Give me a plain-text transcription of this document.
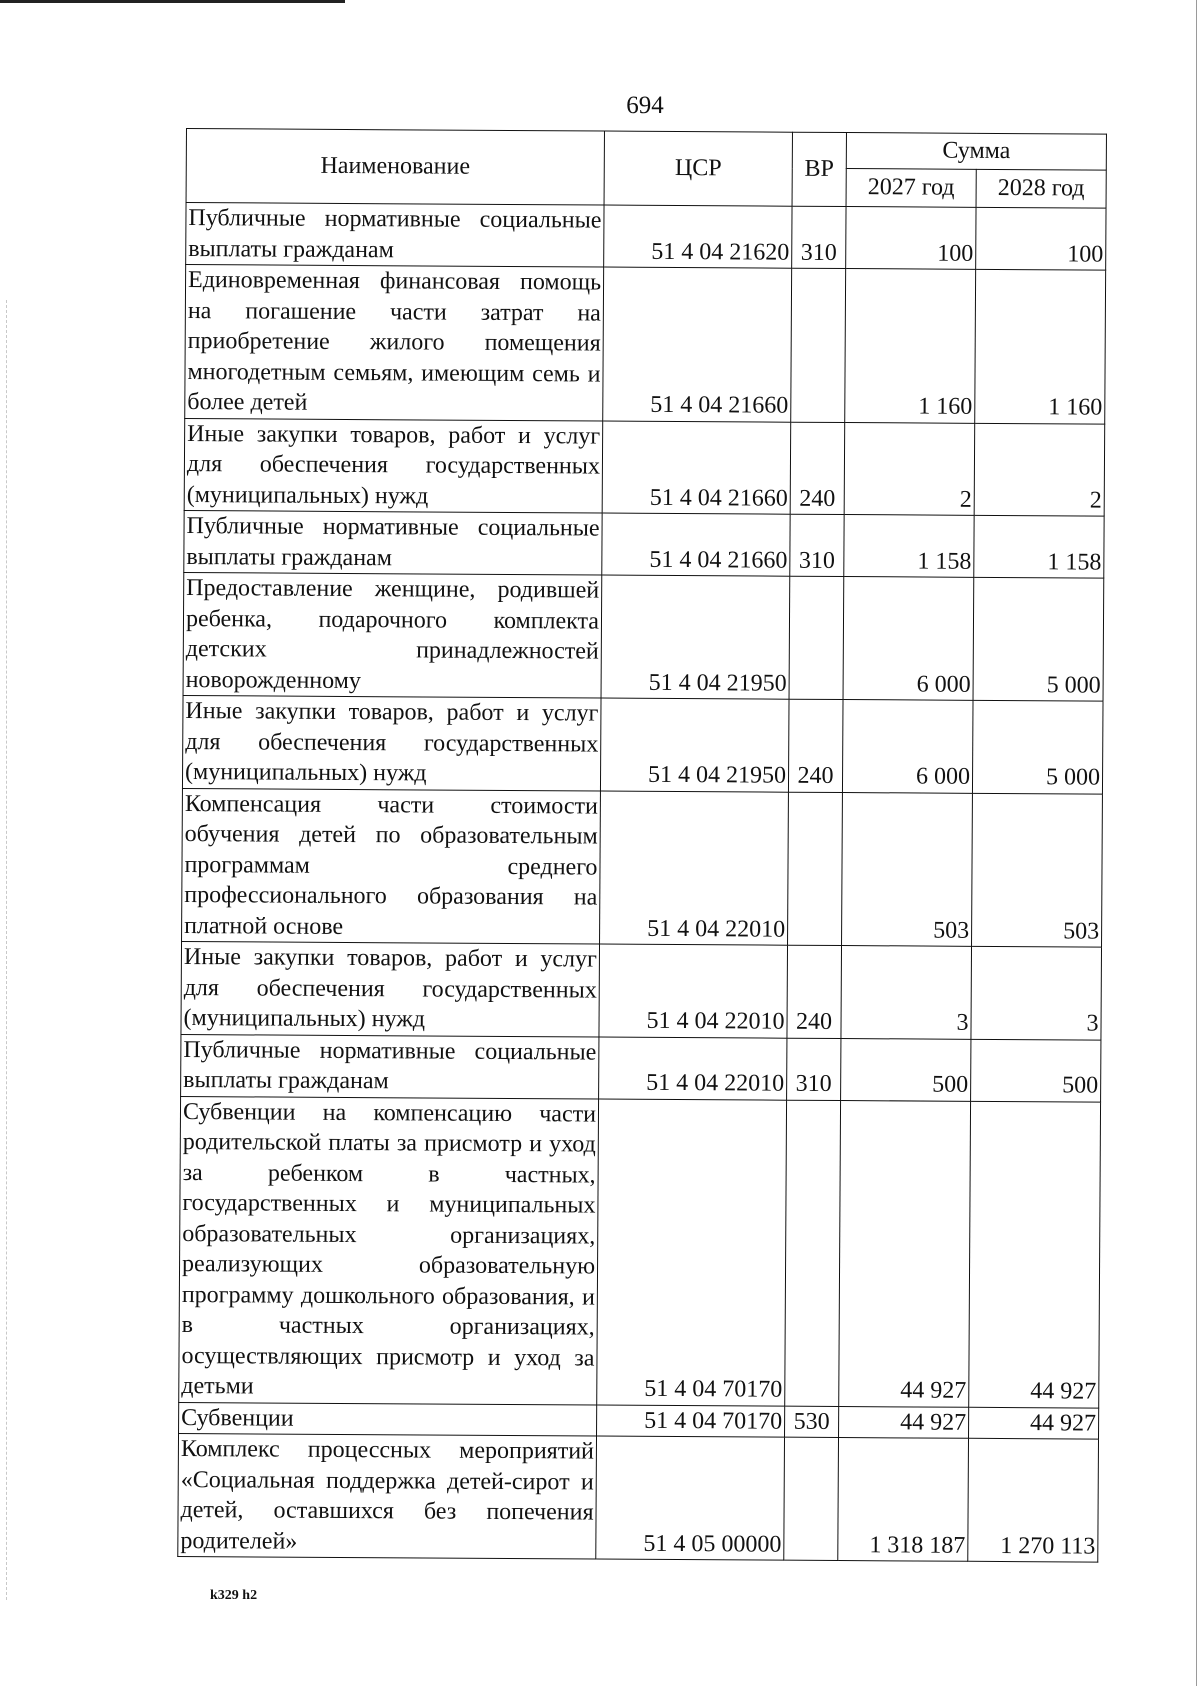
694
Наименование	ЦСР	ВР	Сумма	
			2027 год	2028 год
Публичные нормативные социальные выплаты гражданам	51 4 04 21620	310	100	100
Единовременная финансовая помощь на погашение части затрат на приобретение жилого помещения многодетным семьям, имеющим семь и более детей	51 4 04 21660		1 160	1 160
Иные закупки товаров, работ и услуг для обеспечения государственных (муниципальных) нужд	51 4 04 21660	240	2	2
Публичные нормативные социальные выплаты гражданам	51 4 04 21660	310	1 158	1 158
Предоставление женщине, родившей ребенка, подарочного комплекта детских принадлежностей новорожденному	51 4 04 21950		6 000	5 000
Иные закупки товаров, работ и услуг для обеспечения государственных (муниципальных) нужд	51 4 04 21950	240	6 000	5 000
Компенсация части стоимости обучения детей по образовательным программам среднего профессионального образования на платной основе	51 4 04 22010		503	503
Иные закупки товаров, работ и услуг для обеспечения государственных (муниципальных) нужд	51 4 04 22010	240	3	3
Публичные нормативные социальные выплаты гражданам	51 4 04 22010	310	500	500
Субвенции на компенсацию части родительской платы за присмотр и уход за ребенком в частных, государственных и муниципальных образовательных организациях, реализующих образовательную программу дошкольного образования, и в частных организациях, осуществляющих присмотр и уход за детьми	51 4 04 70170		44 927	44 927
Субвенции	51 4 04 70170	530	44 927	44 927
Комплекс процессных мероприятий «Социальная поддержка детей-сирот и детей, оставшихся без попечения родителей»	51 4 05 00000		1 318 187	1 270 113
k329 h2
